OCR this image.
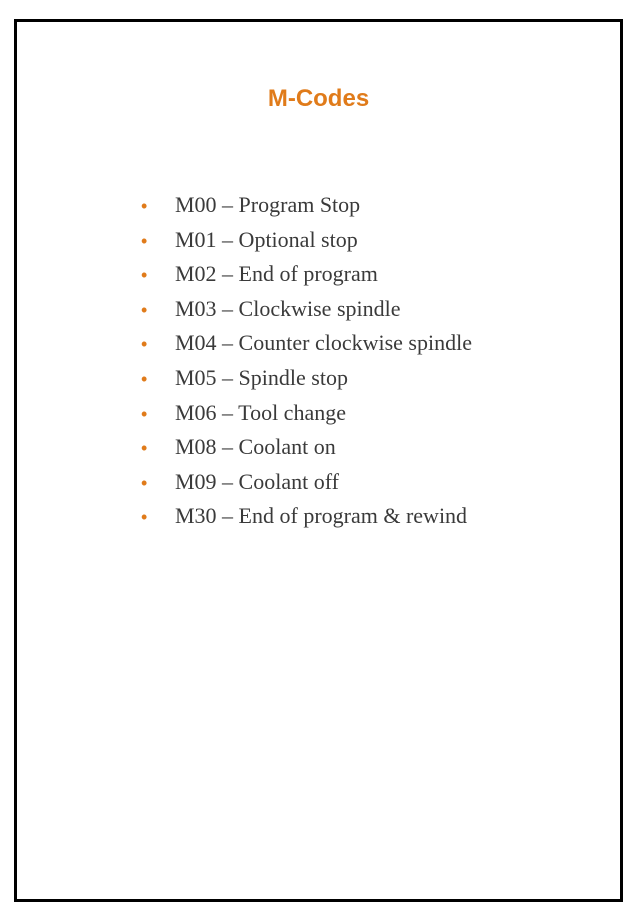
M-Codes
•	M00 – Program Stop
•	M01 – Optional stop
•	M02 – End of program
•	M03 – Clockwise spindle
•	M04 – Counter clockwise spindle
•	M05 – Spindle stop
•	M06 – Tool change
•	M08 – Coolant on
•	M09 – Coolant off
•	M30 – End of program & rewind
